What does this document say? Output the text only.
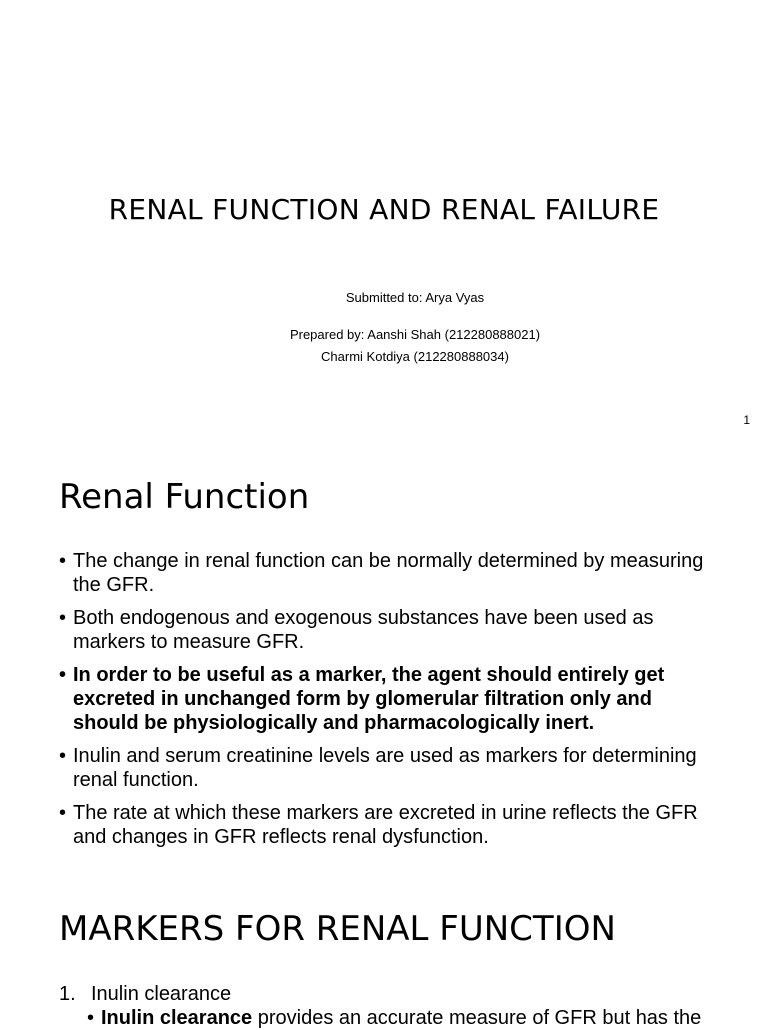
RENAL FUNCTION AND RENAL FAILURE
Submitted to: Arya Vyas
Prepared by: Aanshi Shah (212280888021)
Charmi Kotdiya (212280888034)
1
Renal Function
• The change in renal function can be normally determined by measuring the GFR.
• Both endogenous and exogenous substances have been used as markers to measure GFR.
• In order to be useful as a marker, the agent should entirely get excreted in unchanged form by glomerular filtration only and should be physiologically and pharmacologically inert.
• Inulin and serum creatinine levels are used as markers for determining renal function.
• The rate at which these markers are excreted in urine reflects the GFR and changes in GFR reflects renal dysfunction.
MARKERS FOR RENAL FUNCTION
1. Inulin clearance
• Inulin clearance provides an accurate measure of GFR but has the
